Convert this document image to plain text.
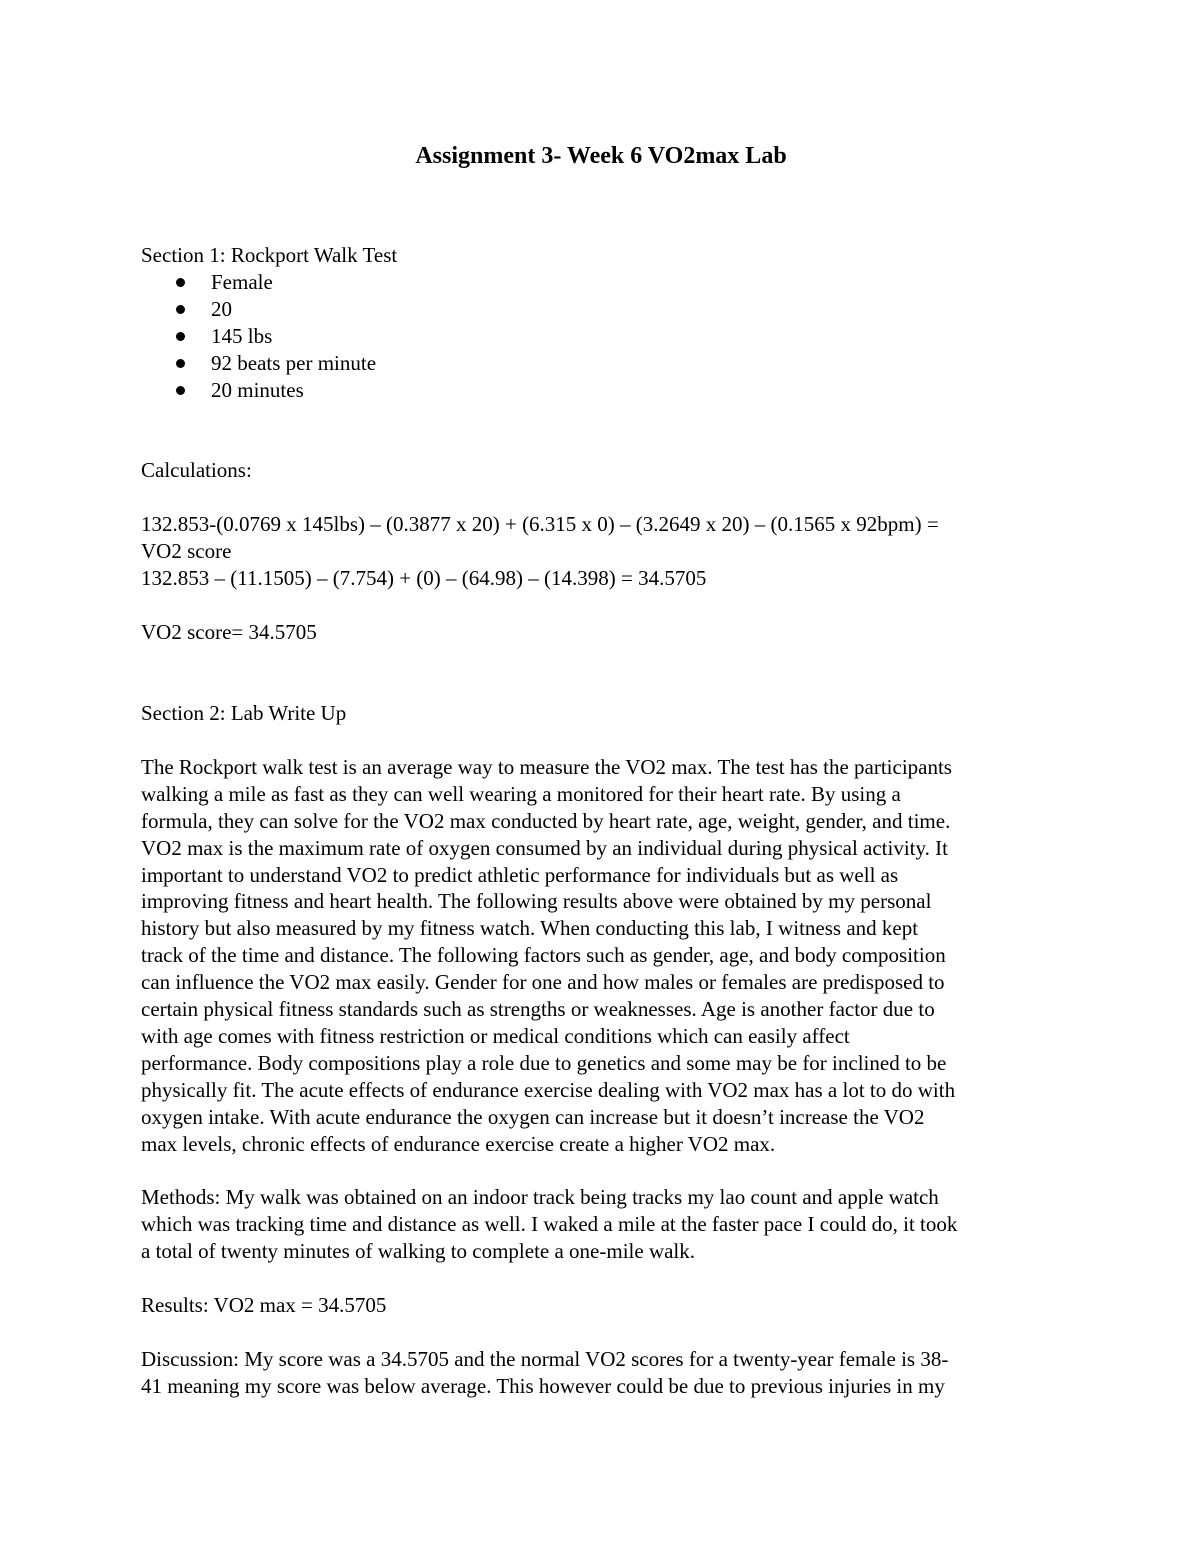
Assignment 3- Week 6 VO2max Lab

Section 1: Rockport Walk Test

Female
20
145 lbs
92 beats per minute
20 minutes

Calculations:

132.853-(0.0769 x 145lbs) – (0.3877 x 20) + (6.315 x 0) – (3.2649 x 20) – (0.1565 x 92bpm) =

VO2 score

132.853 – (11.1505) – (7.754) + (0) – (64.98) – (14.398) = 34.5705

VO2 score= 34.5705

Section 2: Lab Write Up

The Rockport walk test is an average way to measure the VO2 max. The test has the participants

walking a mile as fast as they can well wearing a monitored for their heart rate. By using a

formula, they can solve for the VO2 max conducted by heart rate, age, weight, gender, and time.

VO2 max is the maximum rate of oxygen consumed by an individual during physical activity. It

important to understand VO2 to predict athletic performance for individuals but as well as

improving fitness and heart health. The following results above were obtained by my personal

history but also measured by my fitness watch. When conducting this lab, I witness and kept

track of the time and distance. The following factors such as gender, age, and body composition

can influence the VO2 max easily. Gender for one and how males or females are predisposed to

certain physical fitness standards such as strengths or weaknesses. Age is another factor due to

with age comes with fitness restriction or medical conditions which can easily affect

performance. Body compositions play a role due to genetics and some may be for inclined to be

physically fit. The acute effects of endurance exercise dealing with VO2 max has a lot to do with

oxygen intake. With acute endurance the oxygen can increase but it doesn’t increase the VO2

max levels, chronic effects of endurance exercise create a higher VO2 max.

Methods: My walk was obtained on an indoor track being tracks my lao count and apple watch

which was tracking time and distance as well. I waked a mile at the faster pace I could do, it took

a total of twenty minutes of walking to complete a one-mile walk.

Results: VO2 max = 34.5705

Discussion: My score was a 34.5705 and the normal VO2 scores for a twenty-year female is 38-

41 meaning my score was below average. This however could be due to previous injuries in my
